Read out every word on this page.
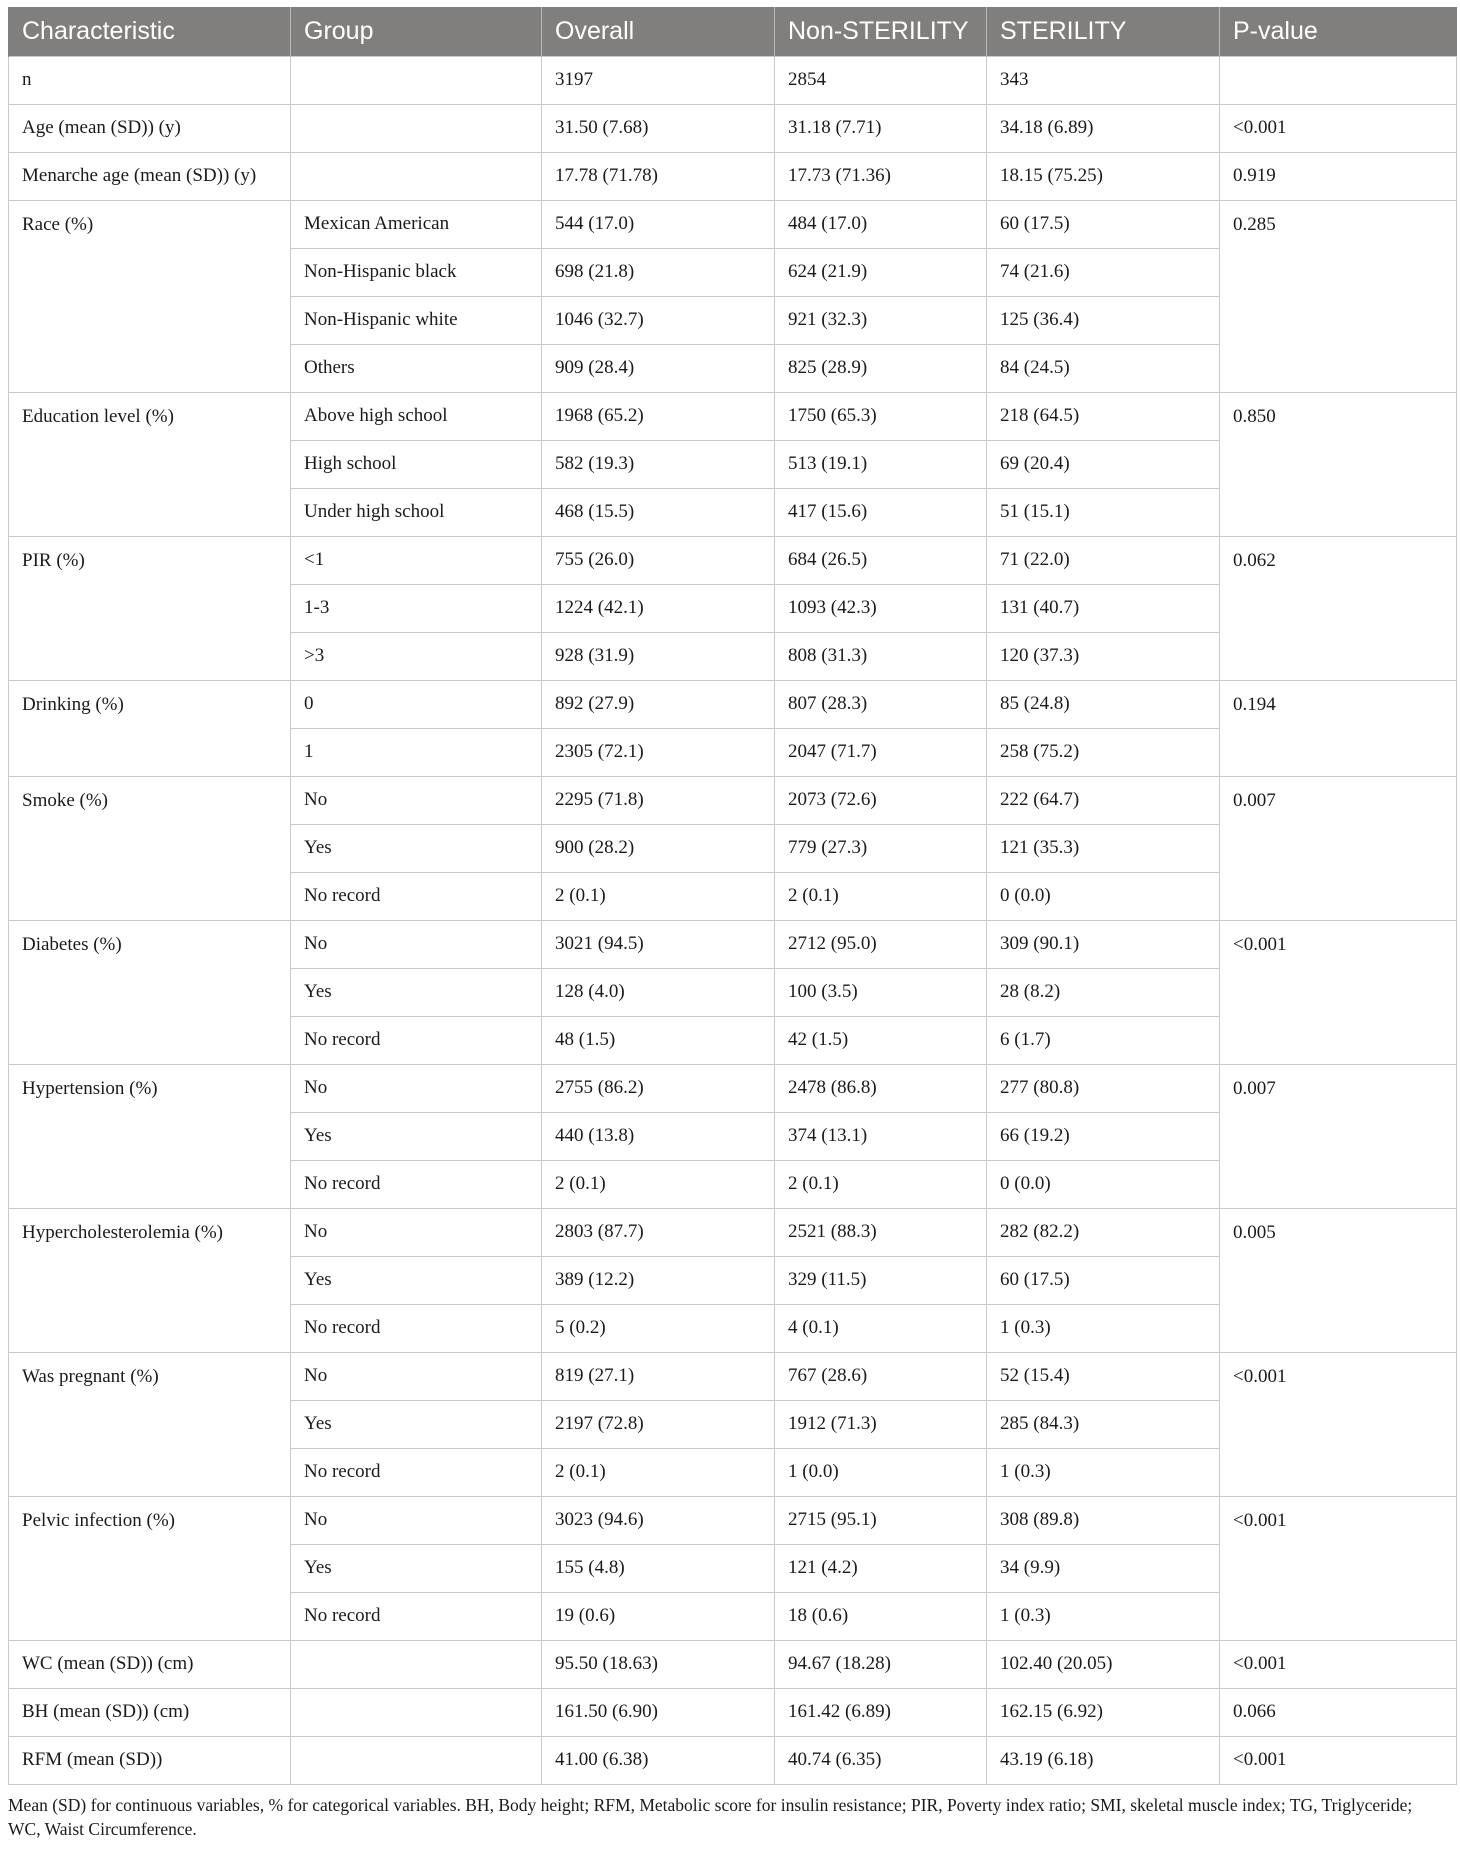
Characteristic	Group	Overall	Non-STERILITY	STERILITY	P-value
n		3197	2854	343	
Age (mean (SD)) (y)		31.50 (7.68)	31.18 (7.71)	34.18 (6.89)	<0.001
Menarche age (mean (SD)) (y)		17.78 (71.78)	17.73 (71.36)	18.15 (75.25)	0.919
Race (%)	Mexican American	544 (17.0)	484 (17.0)	60 (17.5)	0.285
	Non-Hispanic black	698 (21.8)	624 (21.9)	74 (21.6)	
	Non-Hispanic white	1046 (32.7)	921 (32.3)	125 (36.4)	
	Others	909 (28.4)	825 (28.9)	84 (24.5)	
Education level (%)	Above high school	1968 (65.2)	1750 (65.3)	218 (64.5)	0.850
	High school	582 (19.3)	513 (19.1)	69 (20.4)	
	Under high school	468 (15.5)	417 (15.6)	51 (15.1)	
PIR (%)	<1	755 (26.0)	684 (26.5)	71 (22.0)	0.062
	1-3	1224 (42.1)	1093 (42.3)	131 (40.7)	
	>3	928 (31.9)	808 (31.3)	120 (37.3)	
Drinking (%)	0	892 (27.9)	807 (28.3)	85 (24.8)	0.194
	1	2305 (72.1)	2047 (71.7)	258 (75.2)	
Smoke (%)	No	2295 (71.8)	2073 (72.6)	222 (64.7)	0.007
	Yes	900 (28.2)	779 (27.3)	121 (35.3)	
	No record	2 (0.1)	2 (0.1)	0 (0.0)	
Diabetes (%)	No	3021 (94.5)	2712 (95.0)	309 (90.1)	<0.001
	Yes	128 (4.0)	100 (3.5)	28 (8.2)	
	No record	48 (1.5)	42 (1.5)	6 (1.7)	
Hypertension (%)	No	2755 (86.2)	2478 (86.8)	277 (80.8)	0.007
	Yes	440 (13.8)	374 (13.1)	66 (19.2)	
	No record	2 (0.1)	2 (0.1)	0 (0.0)	
Hypercholesterolemia (%)	No	2803 (87.7)	2521 (88.3)	282 (82.2)	0.005
	Yes	389 (12.2)	329 (11.5)	60 (17.5)	
	No record	5 (0.2)	4 (0.1)	1 (0.3)	
Was pregnant (%)	No	819 (27.1)	767 (28.6)	52 (15.4)	<0.001
	Yes	2197 (72.8)	1912 (71.3)	285 (84.3)	
	No record	2 (0.1)	1 (0.0)	1 (0.3)	
Pelvic infection (%)	No	3023 (94.6)	2715 (95.1)	308 (89.8)	<0.001
	Yes	155 (4.8)	121 (4.2)	34 (9.9)	
	No record	19 (0.6)	18 (0.6)	1 (0.3)	
WC (mean (SD)) (cm)		95.50 (18.63)	94.67 (18.28)	102.40 (20.05)	<0.001
BH (mean (SD)) (cm)		161.50 (6.90)	161.42 (6.89)	162.15 (6.92)	0.066
RFM (mean (SD))		41.00 (6.38)	40.74 (6.35)	43.19 (6.18)	<0.001
Mean (SD) for continuous variables, % for categorical variables. BH, Body height; RFM, Metabolic score for insulin resistance; PIR, Poverty index ratio; SMI, skeletal muscle index; TG, Triglyceride; WC, Waist Circumference.
